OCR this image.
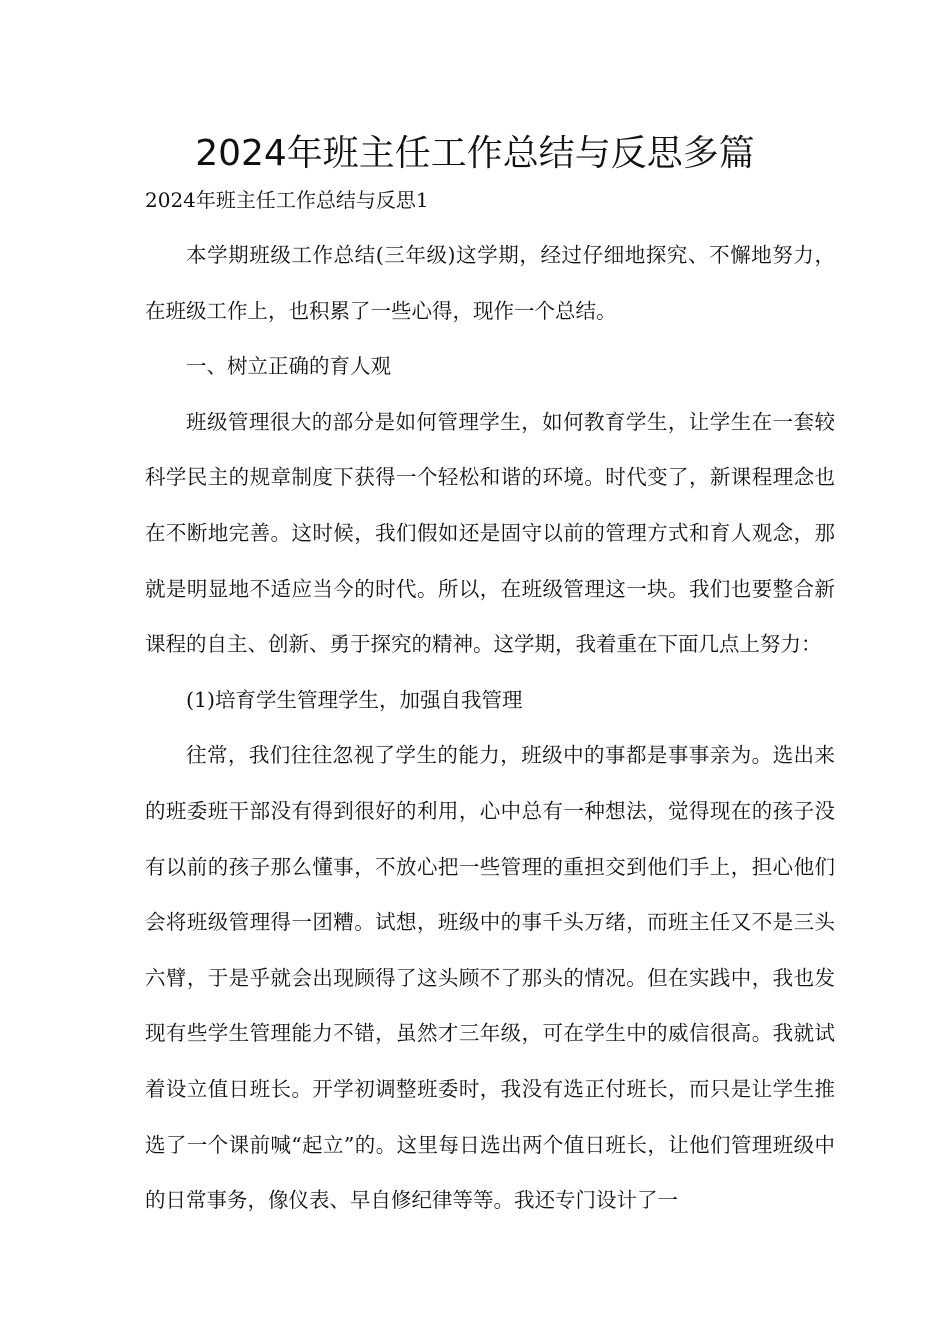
2024年班主任工作总结与反思多篇
2024年班主任工作总结与反思1

本学期班级工作总结(三年级)这学期，经过仔细地探究、不懈地努力，在班级工作上，也积累了一些心得，现作一个总结。

一、树立正确的育人观

班级管理很大的部分是如何管理学生，如何教育学生，让学生在一套较科学民主的规章制度下获得一个轻松和谐的环境。时代变了，新课程理念也在不断地完善。这时候，我们假如还是固守以前的管理方式和育人观念，那就是明显地不适应当今的时代。所以，在班级管理这一块。我们也要整合新课程的自主、创新、勇于探究的精神。这学期，我着重在下面几点上努力：

(1)培育学生管理学生，加强自我管理

往常，我们往往忽视了学生的能力，班级中的事都是事事亲为。选出来的班委班干部没有得到很好的利用，心中总有一种想法，觉得现在的孩子没有以前的孩子那么懂事，不放心把一些管理的重担交到他们手上，担心他们会将班级管理得一团糟。试想，班级中的事千头万绪，而班主任又不是三头六臂，于是乎就会出现顾得了这头顾不了那头的情况。但在实践中，我也发现有些学生管理能力不错，虽然才三年级，可在学生中的威信很高。我就试着设立值日班长。开学初调整班委时，我没有选正付班长，而只是让学生推选了一个课前喊“起立”的。这里每日选出两个值日班长，让他们管理班级中的日常事务，像仪表、早自修纪律等等。我还专门设计了一
